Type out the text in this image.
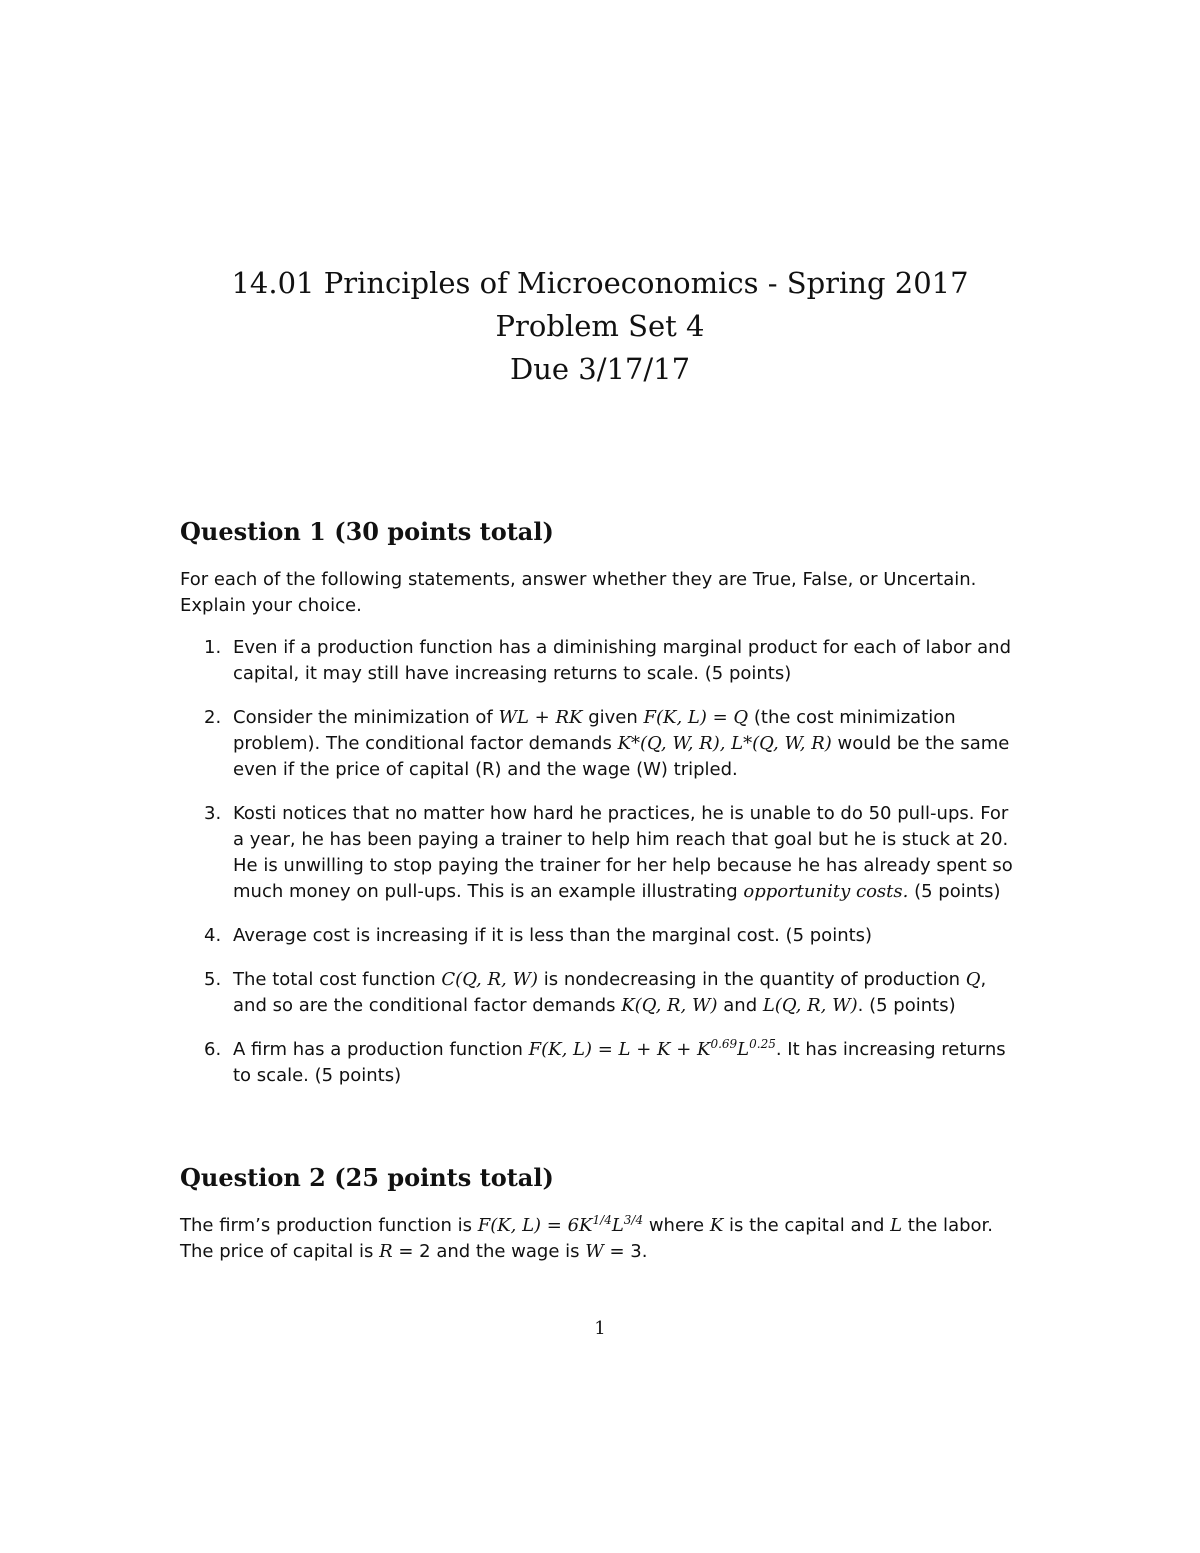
14.01 Principles of Microeconomics - Spring 2017
Problem Set 4
Due 3/17/17
Question 1 (30 points total)

For each of the following statements, answer whether they are True, False, or Uncertain. Explain your choice.

1. Even if a production function has a diminishing marginal product for each of labor and capital, it may still have increasing returns to scale. (5 points)
2. Consider the minimization of WL + RK given F(K, L) = Q (the cost minimization problem). The conditional factor demands K*(Q, W, R), L*(Q, W, R) would be the same even if the price of capital (R) and the wage (W) tripled.
3. Kosti notices that no matter how hard he practices, he is unable to do 50 pull-ups. For a year, he has been paying a trainer to help him reach that goal but he is stuck at 20. He is unwilling to stop paying the trainer for her help because he has already spent so much money on pull-ups. This is an example illustrating opportunity costs. (5 points)
4. Average cost is increasing if it is less than the marginal cost. (5 points)
5. The total cost function C(Q, R, W) is nondecreasing in the quantity of production Q, and so are the conditional factor demands K(Q, R, W) and L(Q, R, W). (5 points)
6. A firm has a production function F(K, $L) = L + K + K^{0.69}L^{0.25}$. It has increasing returns to scale. (5 points)
Question 2 (25 points total)

The firm’s production function is F(K, $L) = 6K^{1/4}L^{3/4}$ where K is the capital and L the labor. The price of capital is R = 2 and the wage is W = 3.

1
